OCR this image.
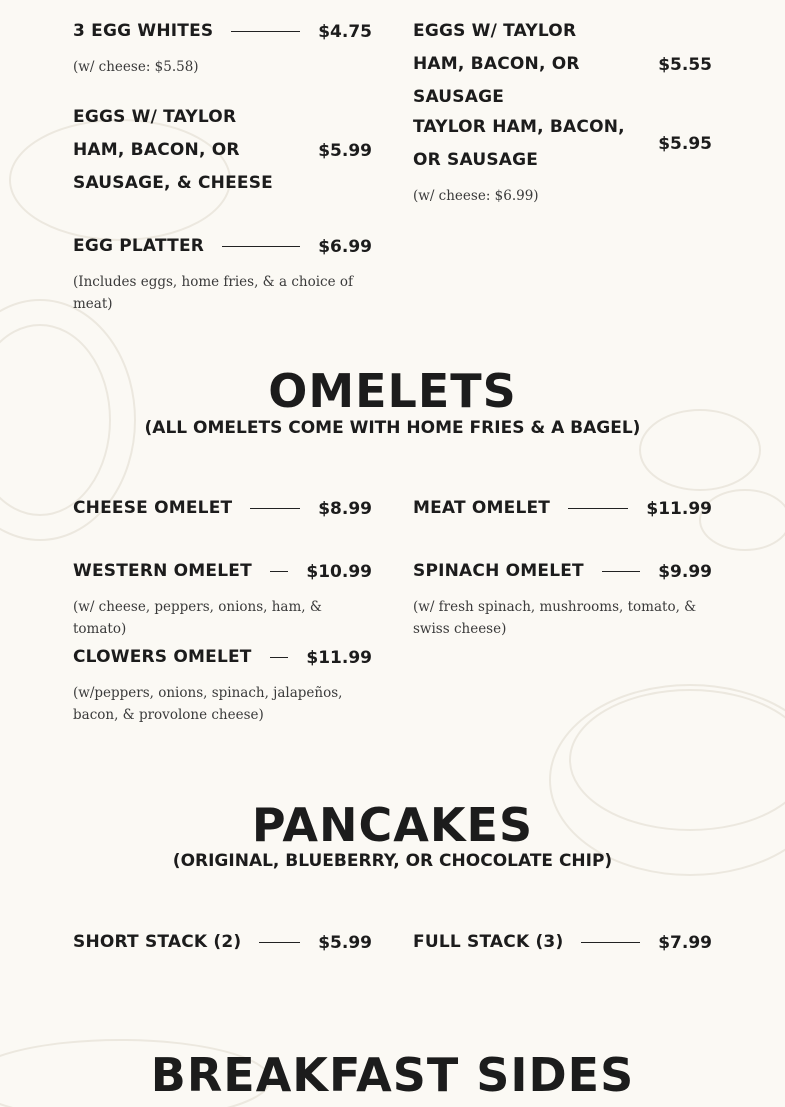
3 EGG WHITES	$4.75
(w/ cheese: $5.58)
EGGS W/ TAYLOR HAM, BACON, OR SAUSAGE
$5.55
EGGS W/ TAYLOR HAM, BACON, OR SAUSAGE, & CHEESE
$5.99
TAYLOR HAM, BACON, OR SAUSAGE
$5.95
(w/ cheese: $6.99)
EGG PLATTER	$6.99
(Includes eggs, home fries, & a choice of meat)
OMELETS
(ALL OMELETS COME WITH HOME FRIES & A BAGEL)
CHEESE OMELET	$8.99 MEAT OMELET	$11.99
WESTERN OMELET	$10.99
(w/ cheese, peppers, onions, ham, & tomato)
SPINACH OMELET	$9.99
(w/ fresh spinach, mushrooms, tomato, & swiss cheese)
CLOWERS OMELET	$11.99
(w/peppers, onions, spinach, jalapeños, bacon, & provolone cheese)
PANCAKES
(ORIGINAL, BLUEBERRY, OR CHOCOLATE CHIP)
SHORT STACK (2)	$5.99 FULL STACK (3)	$7.99
BREAKFAST SIDES
